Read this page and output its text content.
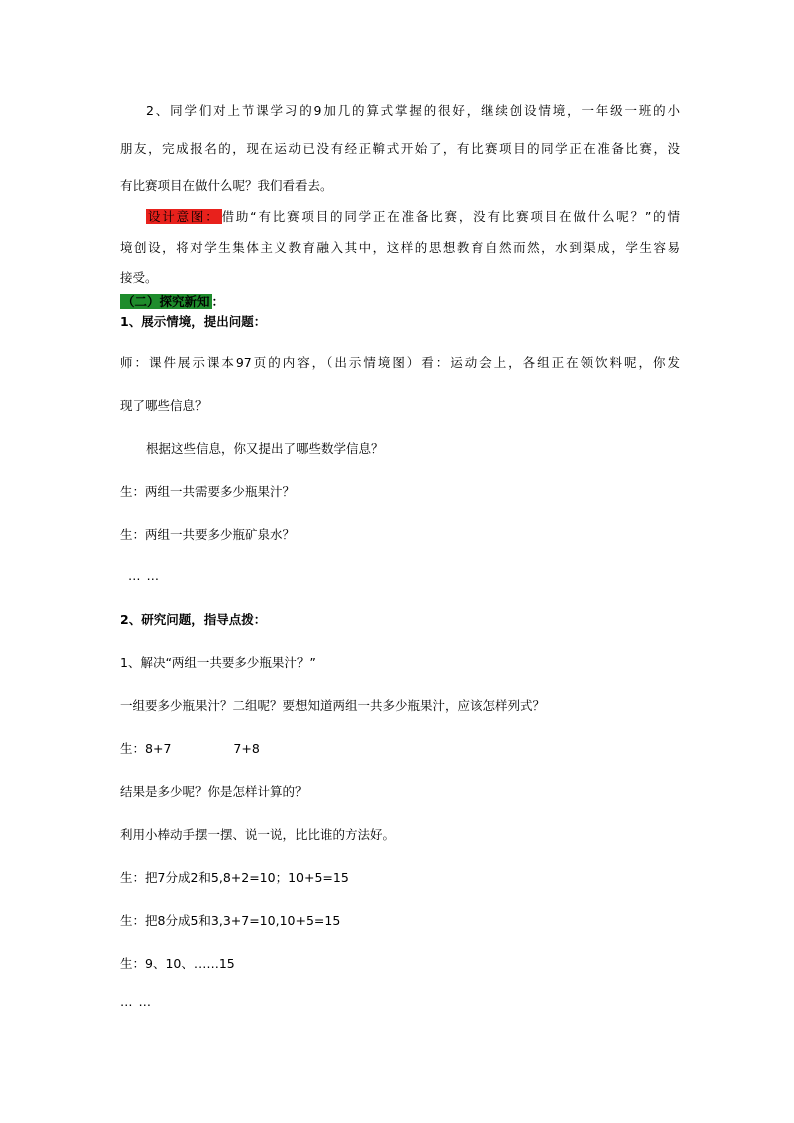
2、同学们对上节课学习的9加几的算式掌握的很好，继续创设情境，一年级一班的小
朋友，完成报名的，现在运动已没有经正鞥式开始了，有比赛项目的同学正在准备比赛，没
有比赛项目在做什么呢？我们看看去。
设计意图： 借助“有比赛项目的同学正在准备比赛，没有比赛项目在做什么呢？”的情
境创设，将对学生集体主义教育融入其中，这样的思想教育自然而然，水到渠成，学生容易
接受。
（二）探究新知 ：
1、展示情境，提出问题：
师：课件展示课本97页的内容，（出示情境图）看：运动会上，各组正在领饮料呢，你发
现了哪些信息？
根据这些信息，你又提出了哪些数学信息？
生：两组一共需要多少瓶果汁？
生：两组一共要多少瓶矿泉水？
……
2、研究问题，指导点拨：
1、解决“两组一共要多少瓶果汁？”
一组要多少瓶果汁？二组呢？要想知道两组一共多少瓶果汁，应该怎样列式？
生：8+7	7+8
结果是多少呢？你是怎样计算的？
利用小棒动手摆一摆、说一说，比比谁的方法好。
生：把7分成2和5,8+2=10；10+5=15
生：把8分成5和3,3+7=10,10+5=15
生：9、10、……15
……
